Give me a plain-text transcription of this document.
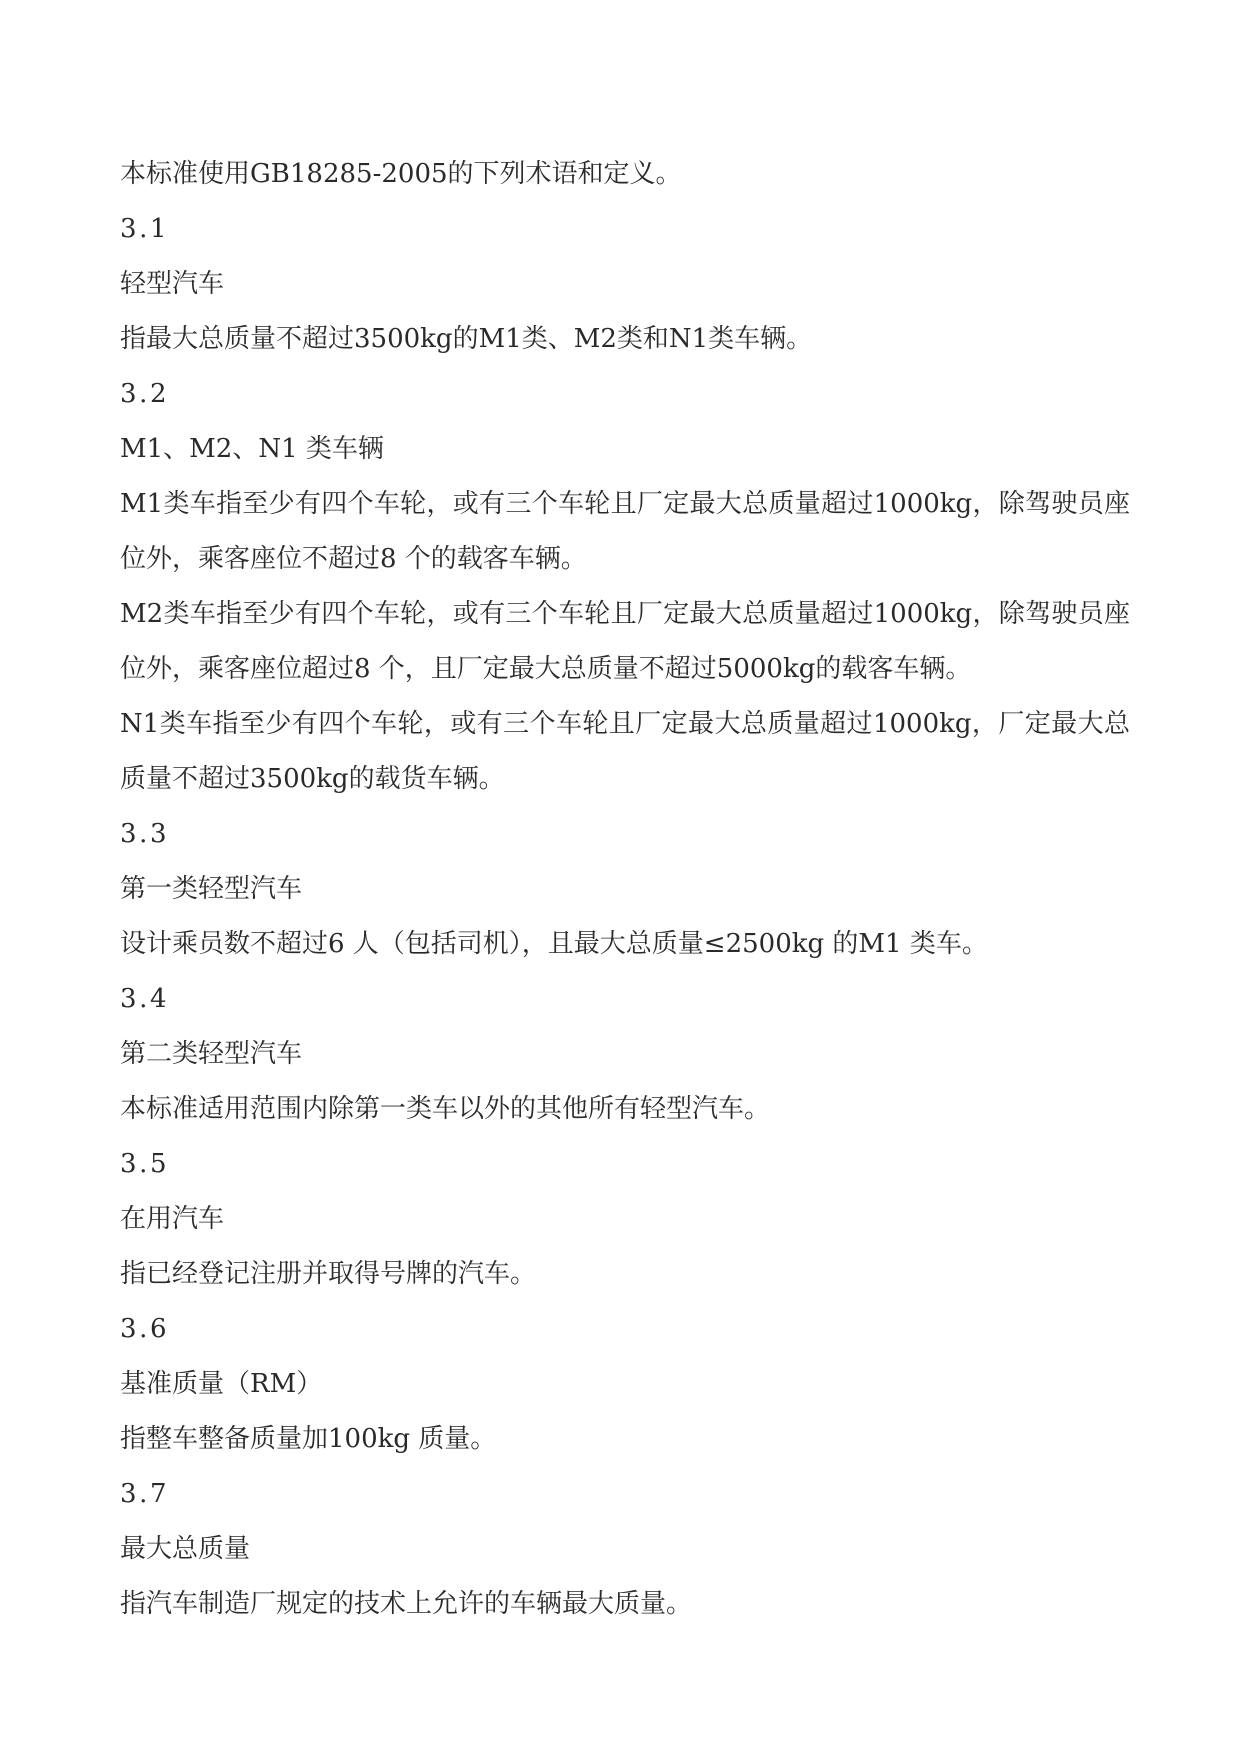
本标准使用GB18285-2005的下列术语和定义。

3.1

轻型汽车

指最大总质量不超过3500kg的M1类、M2类和N1类车辆。

3.2

M1、M2、N1 类车辆

M1类车指至少有四个车轮，或有三个车轮且厂定最大总质量超过1000kg，除驾驶员座位外，乘客座位不超过8 个的载客车辆。

M2类车指至少有四个车轮，或有三个车轮且厂定最大总质量超过1000kg，除驾驶员座位外，乘客座位超过8 个，且厂定最大总质量不超过5000kg的载客车辆。

N1类车指至少有四个车轮，或有三个车轮且厂定最大总质量超过1000kg，厂定最大总质量不超过3500kg的载货车辆。

3.3

第一类轻型汽车

设计乘员数不超过6 人（包括司机），且最大总质量≤2500kg 的M1 类车。

3.4

第二类轻型汽车

本标准适用范围内除第一类车以外的其他所有轻型汽车。

3.5

在用汽车

指已经登记注册并取得号牌的汽车。

3.6

基准质量（RM）

指整车整备质量加100kg 质量。

3.7

最大总质量

指汽车制造厂规定的技术上允许的车辆最大质量。
